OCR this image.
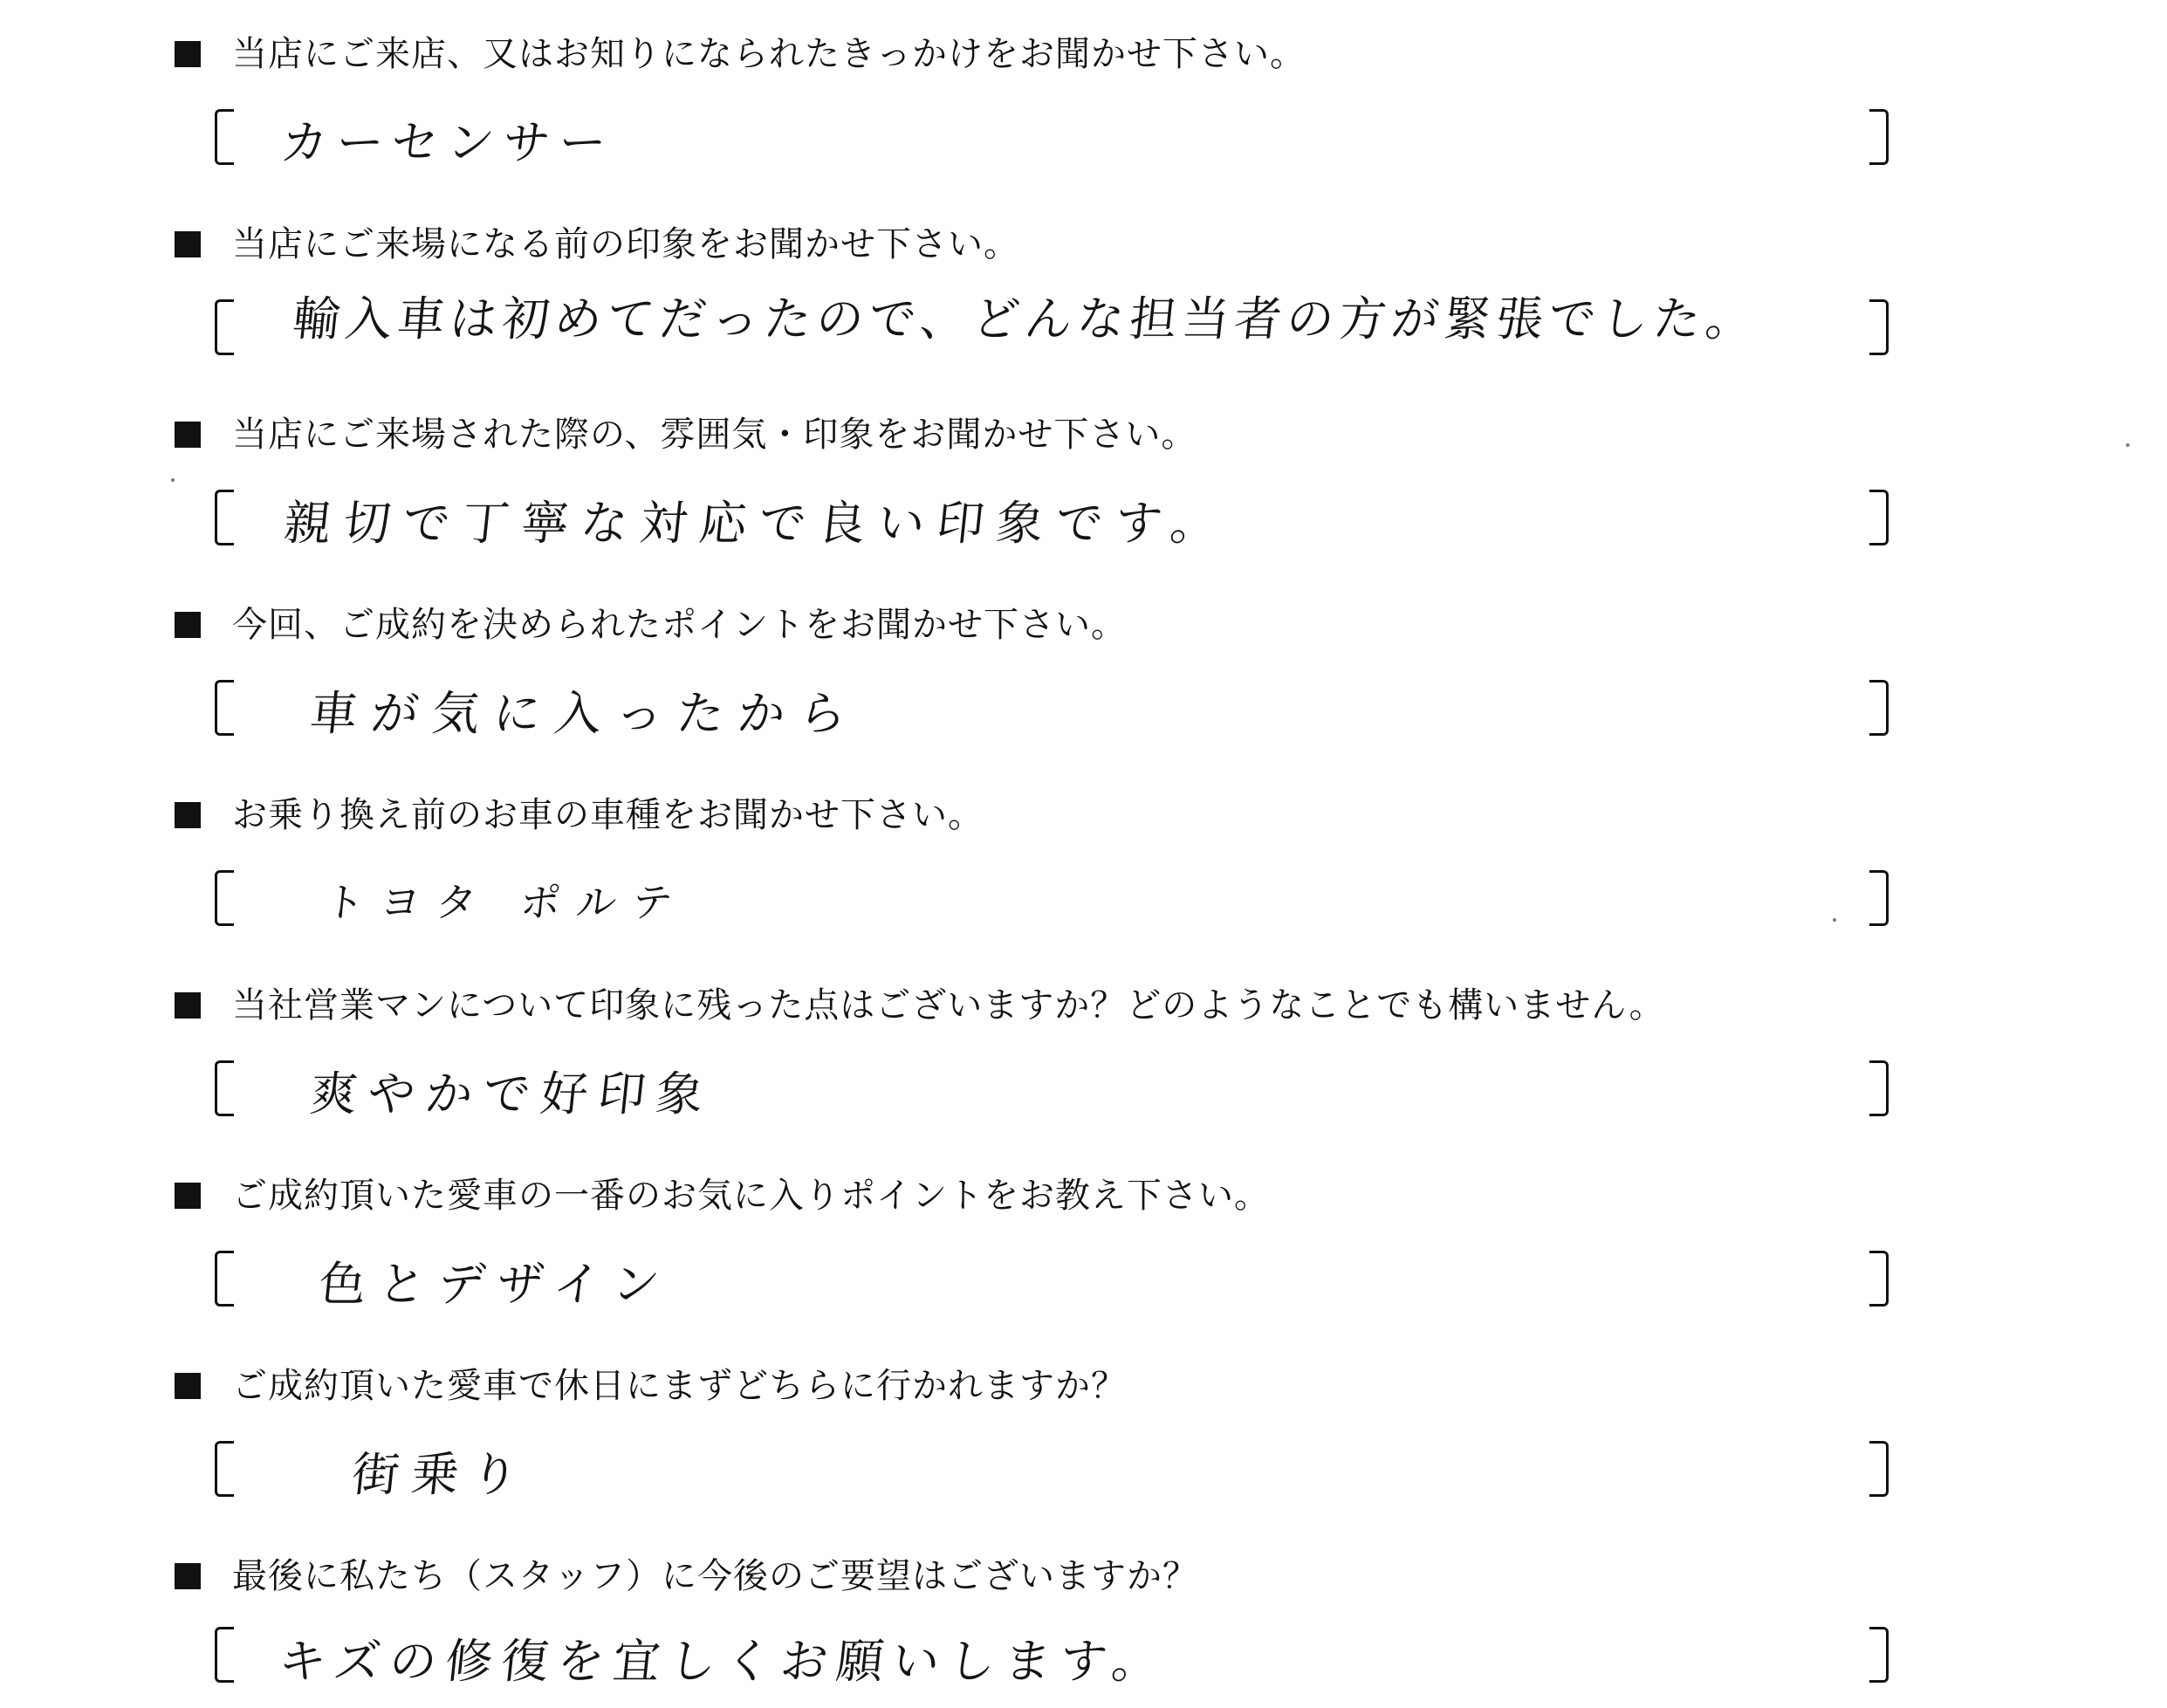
当店にご来店、又はお知りになられたきっかけをお聞かせ下さい。
カーセンサー
当店にご来場になる前の印象をお聞かせ下さい。
輸入車は初めてだったので、どんな担当者の方が緊張でした。
当店にご来場された際の、雰囲気・印象をお聞かせ下さい。
親切で丁寧な対応で良い印象です。
今回、ご成約を決められたポイントをお聞かせ下さい。
車が気に入ったから
お乗り換え前のお車の車種をお聞かせ下さい。
トヨタ ポルテ
当社営業マンについて印象に残った点はございますか？どのようなことでも構いません。
爽やかで好印象
ご成約頂いた愛車の一番のお気に入りポイントをお教え下さい。
色とデザイン
ご成約頂いた愛車で休日にまずどちらに行かれますか？
街乗り
最後に私たち（スタッフ）に今後のご要望はございますか？
キズの修復を宜しくお願いします。
